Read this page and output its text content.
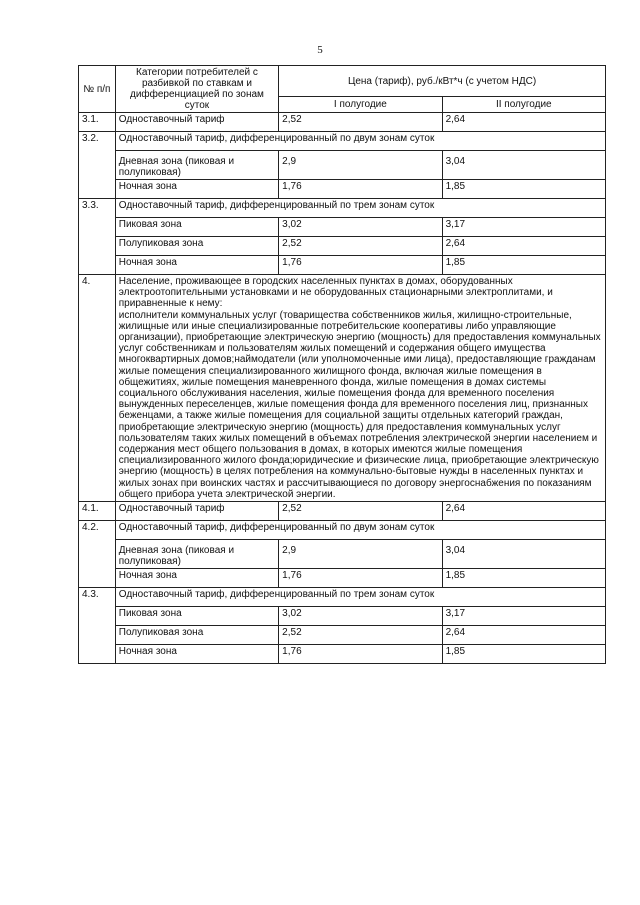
5
№ п/п	Категории потребителей с разбивкой по ставкам и дифференциацией по зонам суток	Цена (тариф), руб./кВт*ч (с учетом НДС)	
		I полугодие	II полугодие
3.1.	Одноставочный тариф	2,52	2,64
3.2.	Одноставочный тариф, дифференцированный по двум зонам суток		
	Дневная зона (пиковая и полупиковая)	2,9	3,04
	Ночная зона	1,76	1,85
3.3.	Одноставочный тариф, дифференцированный по трем зонам суток		
	Пиковая зона	3,02	3,17
	Полупиковая зона	2,52	2,64
	Ночная зона	1,76	1,85
4.	Население, проживающее в городских населенных пунктах в домах, оборудованных электроотопительными установками и не оборудованных стационарными электроплитами, и приравненные к нему:
исполнители коммунальных услуг (товарищества собственников жилья, жилищно-строительные, жилищные или иные специализированные потребительские кооперативы либо управляющие организации), приобретающие электрическую энергию (мощность) для предоставления коммунальных услуг собственникам и пользователям жилых помещений и содержания общего имущества многоквартирных домов;наймодатели (или уполномоченные ими лица), предоставляющие гражданам жилые помещения специализированного жилищного фонда, включая жилые помещения в общежитиях, жилые помещения маневренного фонда, жилые помещения в домах системы социального обслуживания населения, жилые помещения фонда для временного поселения вынужденных переселенцев, жилые помещения фонда для временного поселения лиц, признанных беженцами, а также жилые помещения для социальной защиты отдельных категорий граждан, приобретающие электрическую энергию (мощность) для предоставления коммунальных услуг пользователям таких жилых помещений в объемах потребления электрической энергии населением и содержания мест общего пользования в домах, в которых имеются жилые помещения специализированного жилого фонда;юридические и физические лица, приобретающие электрическую энергию (мощность) в целях потребления на коммунально-бытовые нужды в населенных пунктах и жилых зонах при воинских частях и рассчитывающиеся по договору энергоснабжения по показаниям общего прибора учета электрической энергии.		

4.1.	Одноставочный тариф	2,52	2,64
4.2.	Одноставочный тариф, дифференцированный по двум зонам суток		
	Дневная зона (пиковая и полупиковая)	2,9	3,04
	Ночная зона	1,76	1,85
4.3.	Одноставочный тариф, дифференцированный по трем зонам суток		
	Пиковая зона	3,02	3,17
	Полупиковая зона	2,52	2,64
	Ночная зона	1,76	1,85
